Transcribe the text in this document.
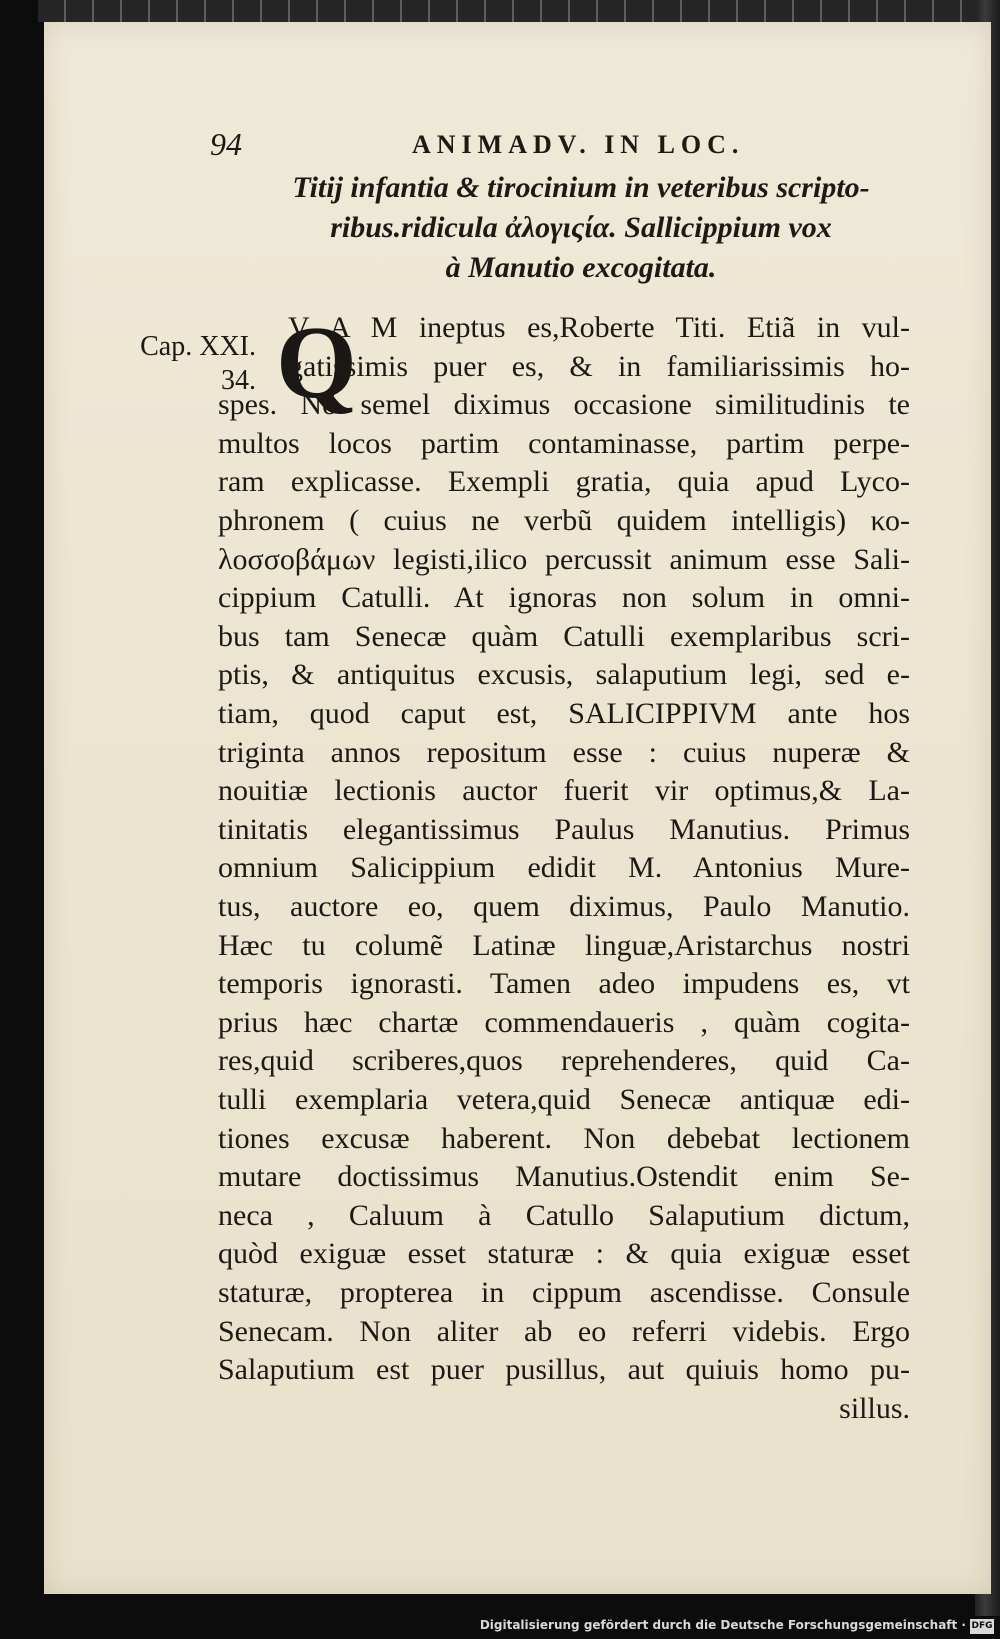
94	ANIMADV. IN LOC.
Titij infantia & tirocinium in veteribus scripto-
ribus.ridicula ἀλογιςία. Sallicippium vox
à Manutio excogitata.
Cap. XXI.
34. Q
V A M ineptus es,Roberte Titi. Etiã in vul-
gatissimis puer es, & in familiarissimis ho-
spes. Nõ semel diximus occasione similitudinis te
multos locos partim contaminasse, partim perpe-
ram explicasse. Exempli gratia, quia apud Lyco-
phronem ( cuius ne verbũ quidem intelligis) κο-
λοσσοβάμων legisti,ilico percussit animum esse Sali-
cippium Catulli. At ignoras non solum in omni-
bus tam Senecæ quàm Catulli exemplaribus scri-
ptis, & antiquitus excusis, salaputium legi, sed e-
tiam, quod caput est, SALICIPPIVM ante hos
triginta annos repositum esse : cuius nuperæ &
nouitiæ lectionis auctor fuerit vir optimus,& La-
tinitatis elegantissimus Paulus Manutius. Primus
omnium Salicippium edidit M. Antonius Mure-
tus, auctore eo, quem diximus, Paulo Manutio.
Hæc tu columẽ Latinæ linguæ,Aristarchus nostri
temporis ignorasti. Tamen adeo impudens es, vt
prius hæc chartæ commendaueris , quàm cogita-
res,quid scriberes,quos reprehenderes, quid Ca-
tulli exemplaria vetera,quid Senecæ antiquæ edi-
tiones excusæ haberent. Non debebat lectionem
mutare doctissimus Manutius.Ostendit enim Se-
neca , Caluum à Catullo Salaputium dictum,
quòd exiguæ esset staturæ : & quia exiguæ esset
staturæ, propterea in cippum ascendisse. Consule
Senecam. Non aliter ab eo referri videbis. Ergo
Salaputium est puer pusillus, aut quiuis homo pu-
sillus.
Digitalisierung gefördert durch die Deutsche Forschungsgemeinschaft · DFG
